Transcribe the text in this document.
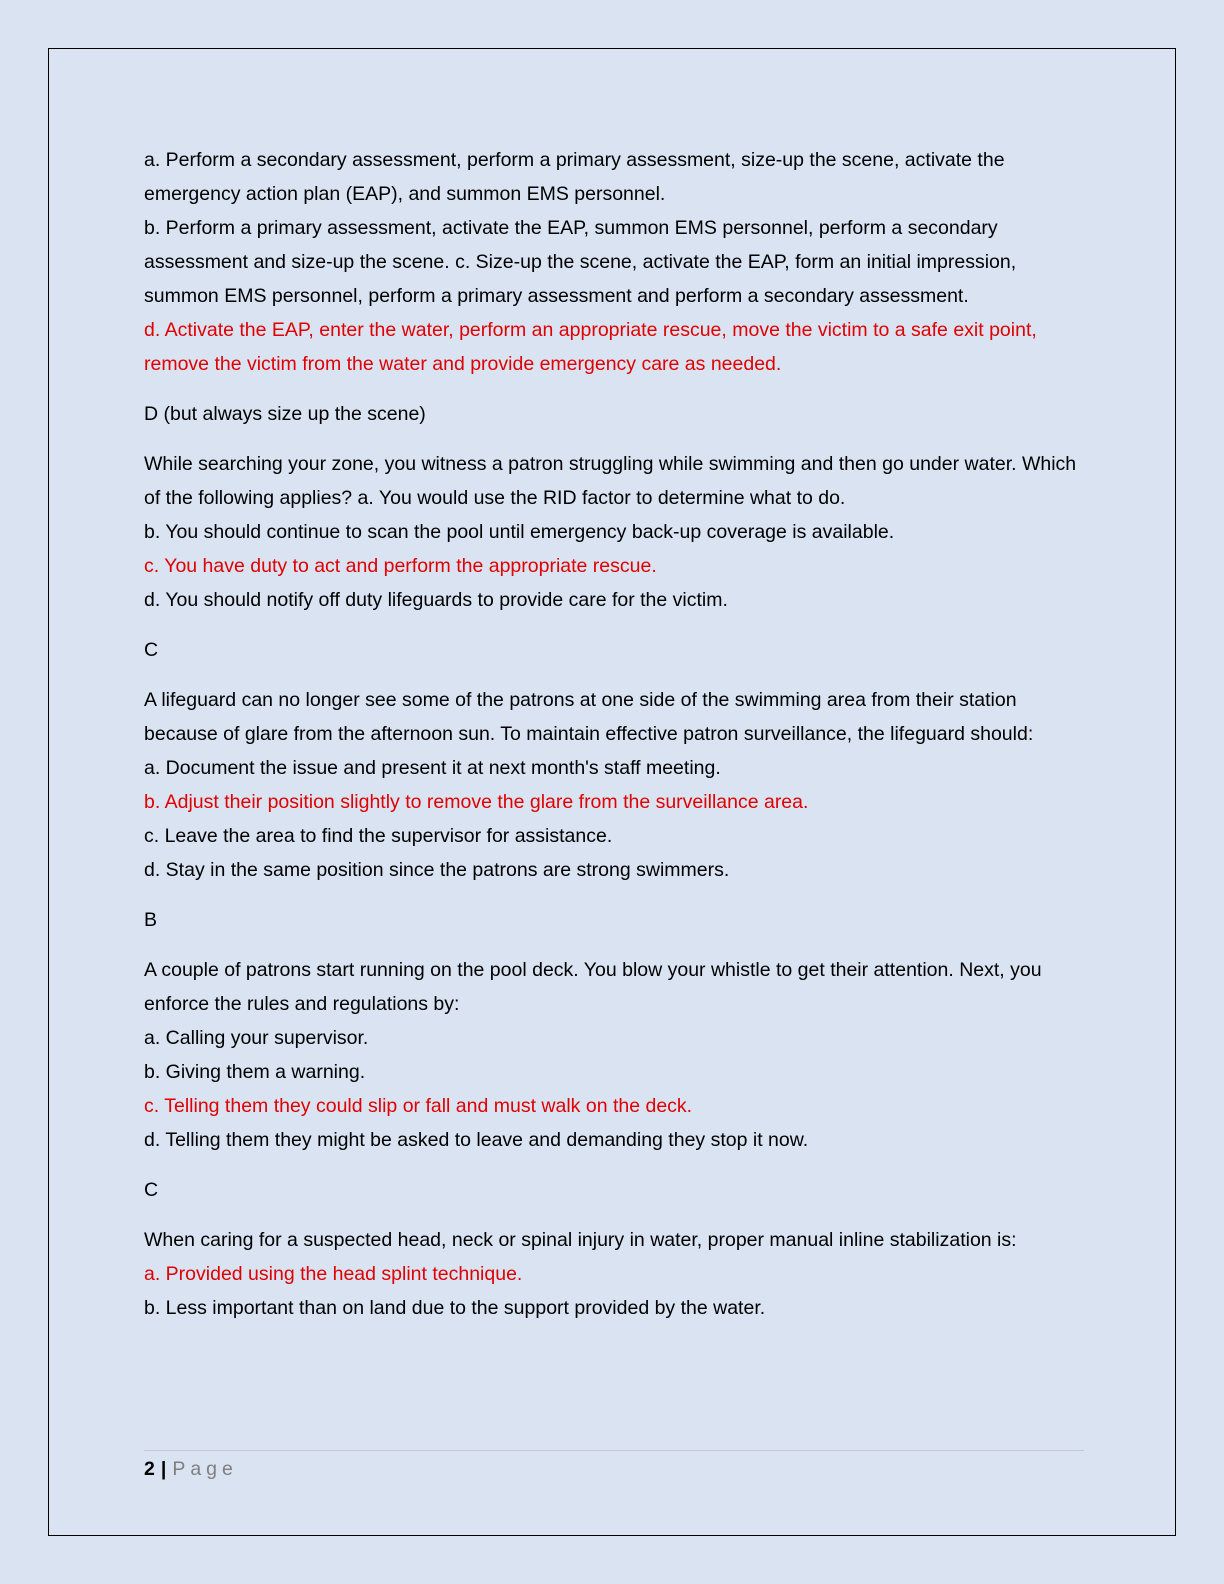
a. Perform a secondary assessment, perform a primary assessment, size-up the scene, activate the emergency action plan (EAP), and summon EMS personnel.

b. Perform a primary assessment, activate the EAP, summon EMS personnel, perform a secondary assessment and size-up the scene. c. Size-up the scene, activate the EAP, form an initial impression, summon EMS personnel, perform a primary assessment and perform a secondary assessment.

d. Activate the EAP, enter the water, perform an appropriate rescue, move the victim to a safe exit point, remove the victim from the water and provide emergency care as needed.

D (but always size up the scene)

While searching your zone, you witness a patron struggling while swimming and then go under water. Which of the following applies? a. You would use the RID factor to determine what to do.

b. You should continue to scan the pool until emergency back-up coverage is available.

c. You have duty to act and perform the appropriate rescue.

d. You should notify off duty lifeguards to provide care for the victim.

C

A lifeguard can no longer see some of the patrons at one side of the swimming area from their station because of glare from the afternoon sun. To maintain effective patron surveillance, the lifeguard should:

a. Document the issue and present it at next month's staff meeting.

b. Adjust their position slightly to remove the glare from the surveillance area.

c. Leave the area to find the supervisor for assistance.

d. Stay in the same position since the patrons are strong swimmers.

B

A couple of patrons start running on the pool deck. You blow your whistle to get their attention. Next, you enforce the rules and regulations by:

a. Calling your supervisor.

b. Giving them a warning.

c. Telling them they could slip or fall and must walk on the deck.

d. Telling them they might be asked to leave and demanding they stop it now.

C

When caring for a suspected head, neck or spinal injury in water, proper manual inline stabilization is:

a. Provided using the head splint technique.

b. Less important than on land due to the support provided by the water.

2 | Page
